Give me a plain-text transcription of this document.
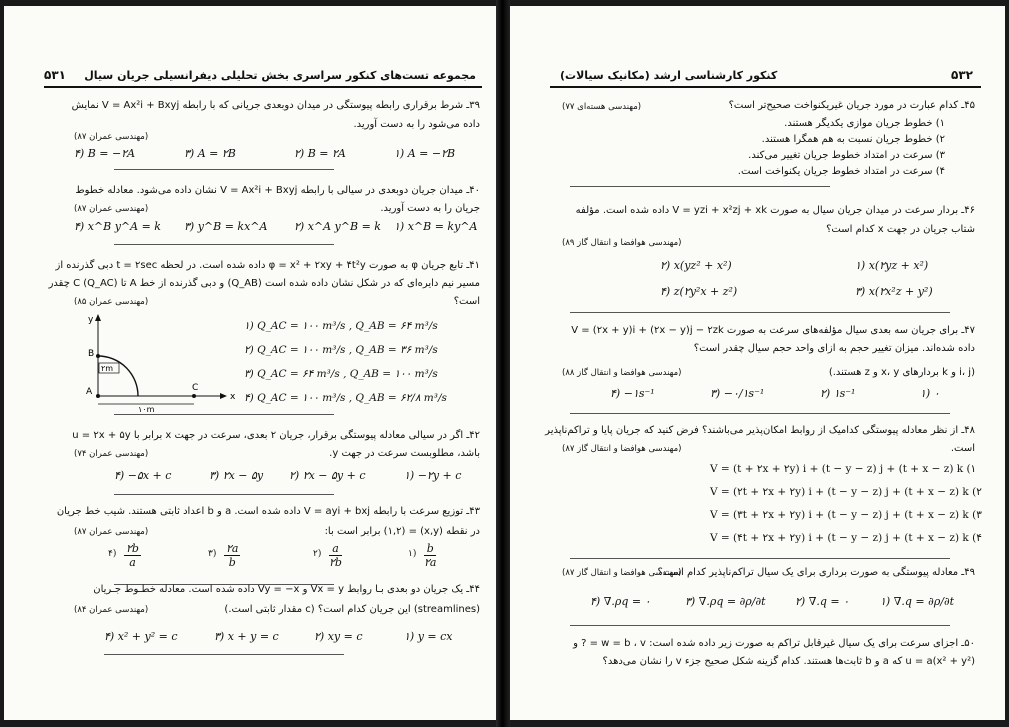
۵۳۱ مجموعه تست‌های کنکور سراسری بخش تحلیلی دیفرانسیلی جریان سیال
۳۹ـ شرط برقراری رابطه پیوستگی در میدان دوبعدی جریانی که با رابطه V = Ax²i + Bxyj نمایش
داده می‌شود را به دست آورید.
(مهندسی عمران ۸۷)
۴) B = −۲A	۳) A = ۲B	۲) B = ۲A	۱) A = −۲B
۴۰ـ میدان جریان دوبعدی در سیالی با رابطه V = Ax²i + Bxyj نشان داده می‌شود. معادله خطوط
جریان را به دست آورید.
(مهندسی عمران ۸۷)
۴) x^B y^A = k ۳) y^B = kx^A ۲) x^A y^B = k ۱) x^B = ky^A
۴۱ـ تابع جریان φ به صورت φ = x² + ۲xy + ۴t²y داده شده است. در لحظه t = ۲sec دبی گذرنده از
مسیر نیم دایره‌ای که در شکل نشان داده شده است (Q_AB) و دبی گذرنده از خط A تا C (Q_AC) چقدر
است؟
(مهندسی عمران ۸۵)
y
x
A
B
C
۲m
۱۰m
۱) Q_AC = ۱۰۰ m³/s , Q_AB = ۶۴ m³/s
۲) Q_AC = ۱۰۰ m³/s , Q_AB = ۳۶ m³/s
۳) Q_AC = ۶۴ m³/s , Q_AB = ۱۰۰ m³/s
۴) Q_AC = ۱۰۰ m³/s , Q_AB = ۶۲/۸ m³/s
۴۲ـ اگر در سیالی معادله پیوستگی برقرار، جریان ۲ بعدی، سرعت در جهت x برابر با u = ۲x + ۵y
باشد، مطلوبست سرعت در جهت y.
(مهندسی عمران ۷۴)
۴) −۵x + c	۳) ۲x − ۵y ۲) ۲x − ۵y + c	۱) −۲y + c
۴۳ـ توزیع سرعت با رابطه V = ayi + bxj داده شده است. a و b اعداد ثابتی هستند. شیب خط جریان
در نقطه (x,y) = (۱,۲) برابر است با:
(مهندسی عمران ۸۷)
۲b
a
۴)	۲a
b
۳)	a
۲b
۲)	b
۲a
۱)
۴۴ـ یک جریان دو بعدی بـا روابط Vx = y و Vy = −x داده شده است. معادله خطـوط جـریان
(streamlines) این جریان کدام است؟ (c مقدار ثابتی است.)
(مهندسی عمران ۸۴)
۴) x² + y² = c	۳) x + y = c	۲) xy = c	۱) y = cx
۵۳۲
کنکور کارشناسی ارشد (مکانیک سیالات)
۴۵ـ کدام عبارت در مورد جریان غیریکنواخت صحیح‌تر است؟
(مهندسی هسته‌ای ۷۷)
۱) خطوط جریان موازی یکدیگر هستند.
۲) خطوط جریان نسبت به هم همگرا هستند.
۳) سرعت در امتداد خطوط جریان تغییر می‌کند.
۴) سرعت در امتداد خطوط جریان یکنواخت است.
۴۶ـ بردار سرعت در میدان جریان سیال به صورت V = yzi + x²zj + xk داده شده است. مؤلفه
شتاب جریان در جهت x کدام است؟
(مهندسی هوافضا و انتقال گاز ۸۹)
۲) x(yz² + x²)	۱) x(۲yz + x²)
۴) z(۲y²x + z²)	۳) x(۲x²z + y²)
۴۷ـ برای جریان سه بعدی سیال مؤلفه‌های سرعت به صورت V = (۲x + y)i + (۲x − y)j − ۲zk
داده شده‌اند. میزان تغییر حجم به ازای واحد حجم سیال چقدر است؟
(i، j و k بردارهای x، y و z هستند.)
(مهندسی هوافضا و انتقال گاز ۸۸)
۴) −۱s⁻¹	۳) −۰/۱s⁻¹	۲) ۱s⁻¹	۱) ۰
۴۸ـ از نظر معادله پیوستگی کدامیک از روابط امکان‌پذیر می‌باشند؟ فرض کنید که جریان پایا و تراکم‌ناپذیر
است.
(مهندسی هوافضا و انتقال گاز ۸۷)
V = (t + ۲x + ۲y) i + (t − y − z) j + (t + x − z) k (۱
V = (۲t + ۲x + ۲y) i + (t − y − z) j + (t + x − z) k (۲
V = (۳t + ۲x + ۲y) i + (t − y − z) j + (t + x − z) k (۳
V = (۴t + ۲x + ۲y) i + (t − y − z) j + (t + x − z) k (۴
۴۹ـ معادله پیوستگی به صورت برداری برای یک سیال تراکم‌ناپذیر کدام است؟
(مهندسی هوافضا و انتقال گاز ۸۷)
۴) ∇.ρq = ۰	۳) ∇.ρq = ∂ρ/∂t	۲) ∇.q = ۰	۱) ∇.q = ∂ρ/∂t
۵۰ـ اجزای سرعت برای یک سیال غیرقابل تراکم به صورت زیر داده شده است: w = b ، v = ? و
u = a(x² + y²) که a و b ثابت‌ها هستند. کدام گزینه شکل صحیح جزء v را نشان می‌دهد؟
